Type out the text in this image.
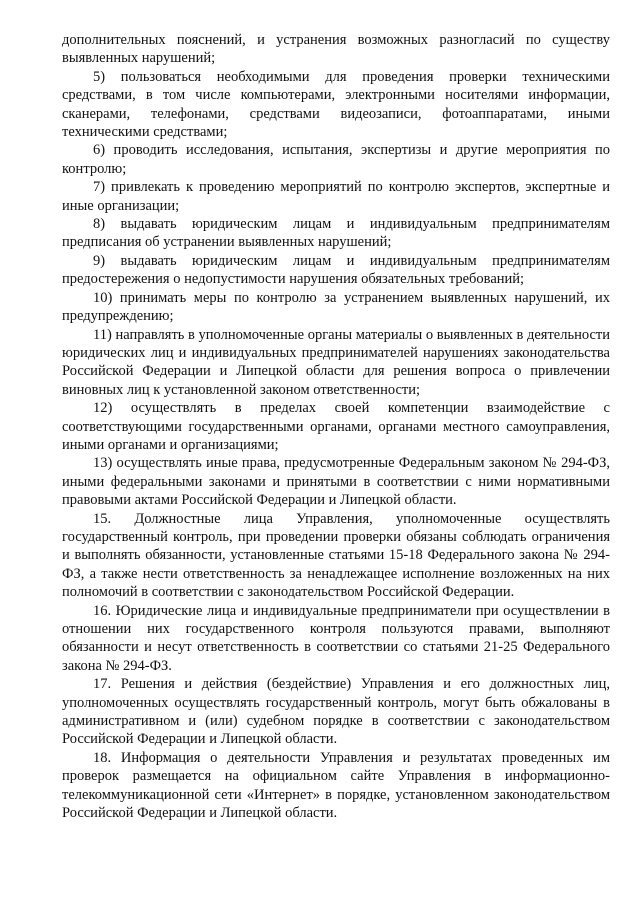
дополнительных пояснений, и устранения возможных разногласий по существу выявленных нарушений;

5) пользоваться необходимыми для проведения проверки техническими средствами, в том числе компьютерами, электронными носителями информации, сканерами, телефонами, средствами видеозаписи, фотоаппаратами, иными техническими средствами;

6) проводить исследования, испытания, экспертизы и другие мероприятия по контролю;

7) привлекать к проведению мероприятий по контролю экспертов, экспертные и иные организации;

8) выдавать юридическим лицам и индивидуальным предпринимателям предписания об устранении выявленных нарушений;

9) выдавать юридическим лицам и индивидуальным предпринимателям предостережения о недопустимости нарушения обязательных требований;

10) принимать меры по контролю за устранением выявленных нарушений, их предупреждению;

11) направлять в уполномоченные органы материалы о выявленных в деятельности юридических лиц и индивидуальных предпринимателей нарушениях законодательства Российской Федерации и Липецкой области для решения вопроса о привлечении виновных лиц к установленной законом ответственности;

12) осуществлять в пределах своей компетенции взаимодействие с соответствующими государственными органами, органами местного самоуправления, иными органами и организациями;

13) осуществлять иные права, предусмотренные Федеральным законом № 294-ФЗ, иными федеральными законами и принятыми в соответствии с ними нормативными правовыми актами Российской Федерации и Липецкой области.

15. Должностные лица Управления, уполномоченные осуществлять государственный контроль, при проведении проверки обязаны соблюдать ограничения и выполнять обязанности, установленные статьями 15-18 Федерального закона № 294-ФЗ, а также нести ответственность за ненадлежащее исполнение возложенных на них полномочий в соответствии с законодательством Российской Федерации.

16. Юридические лица и индивидуальные предприниматели при осуществлении в отношении них государственного контроля пользуются правами, выполняют обязанности и несут ответственность в соответствии со статьями 21-25 Федерального закона № 294-ФЗ.

17. Решения и действия (бездействие) Управления и его должностных лиц, уполномоченных осуществлять государственный контроль, могут быть обжалованы в административном и (или) судебном порядке в соответствии с законодательством Российской Федерации и Липецкой области.

18. Информация о деятельности Управления и результатах проведенных им проверок размещается на официальном сайте Управления в информационно-телекоммуникационной сети «Интернет» в порядке, установленном законодательством Российской Федерации и Липецкой области.
